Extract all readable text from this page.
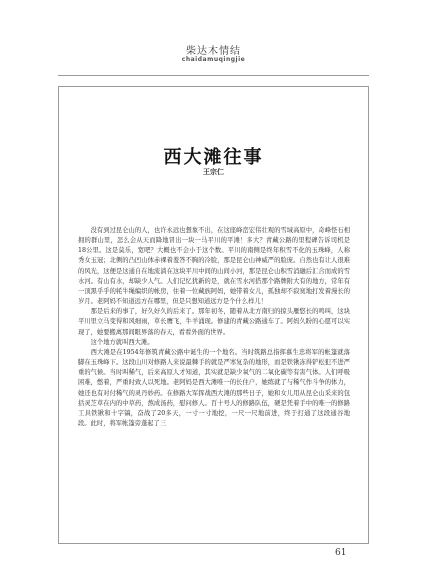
柴达木情结
chaidamuqingjie
西大滩往事
王宗仁

没有到过昆仑山的人，也许永远也想象不出，在这座峰峦宏伟壮观的雪域高原中，奇峰怪石相拥的群山里，怎么会从天而降地冒出一块一马平川的平滩！多大？青藏公路的里程碑告诉司机是18公里。这是莫乐，宽吧？大概也不会小于这个数。平川的南侧是终年积雪不化的玉珠峰，人称秀女玉冠；北侧的凸凹山体赤裸着羞答不胸的冷脸，那是昆仑山神威严的脸庞。自然也有让人很难的风光，这便是这通自在地流淌在这块平川中间的山间小河，那是昆仑山积雪消融后汇合而成的雪水河。有山有水，却缺少人气。人们记忆犹新的是，就在雪水河搭那个路牌附大有的地方，常年有一顶黑乎乎的牦牛绳编织的帐房，住着一位藏族阿妈，她带着女儿，孤独却不寂寞地打发着漫长的岁月。老阿妈不知道远方在哪里，但是只想知道远方是个什么样儿！

那是后来的事了，好久好久的后来了。那年初冬，随着从北方南归的掠头雁悠长的鸣叫，这块平川里立马变得和风细雨，草长鹰飞，牛羊涌现。修建的青藏公路通车了。阿妈久盼的心愿可以实现了，她要搬离那间眼界落的春天，看看外面的世界。

这个地方就叫西大滩。

西大滩是在1954年修筑青藏公路中诞生的一个地名。当时筑路总指挥慕生忠将军的帐篷就落脚在玉珠峰下。这段山川对修路人来说最棘手的就是严寒复杂的地形，而是铁锹冻得铲松犯不进严重的气候。当时叫稀气，后来高原人才知道，其实就是缺少氧气的二氧化碳等有害气体。人们呼吸困难，憋着，严重时致人以死地。老阿妈是西大滩唯一的长住户，她练就了与稀气作斗争的体力，她还也有对付稀气的灵丹妙药。在修路大军挥战西大滩的那些日子，她和女儿用从昆仑山采来的包括灵芝草在内的中草药，熬成汤药，慰问修人。百十号人的修路队伍，硬是凭着手中的唯一的修路工具铁锹和十字镐，奋战了20多天，一寸一寸地挖，一尺一尺地前进，终于打通了这段通谷地段。此时，将军帐篷旁蓬起了三

61
